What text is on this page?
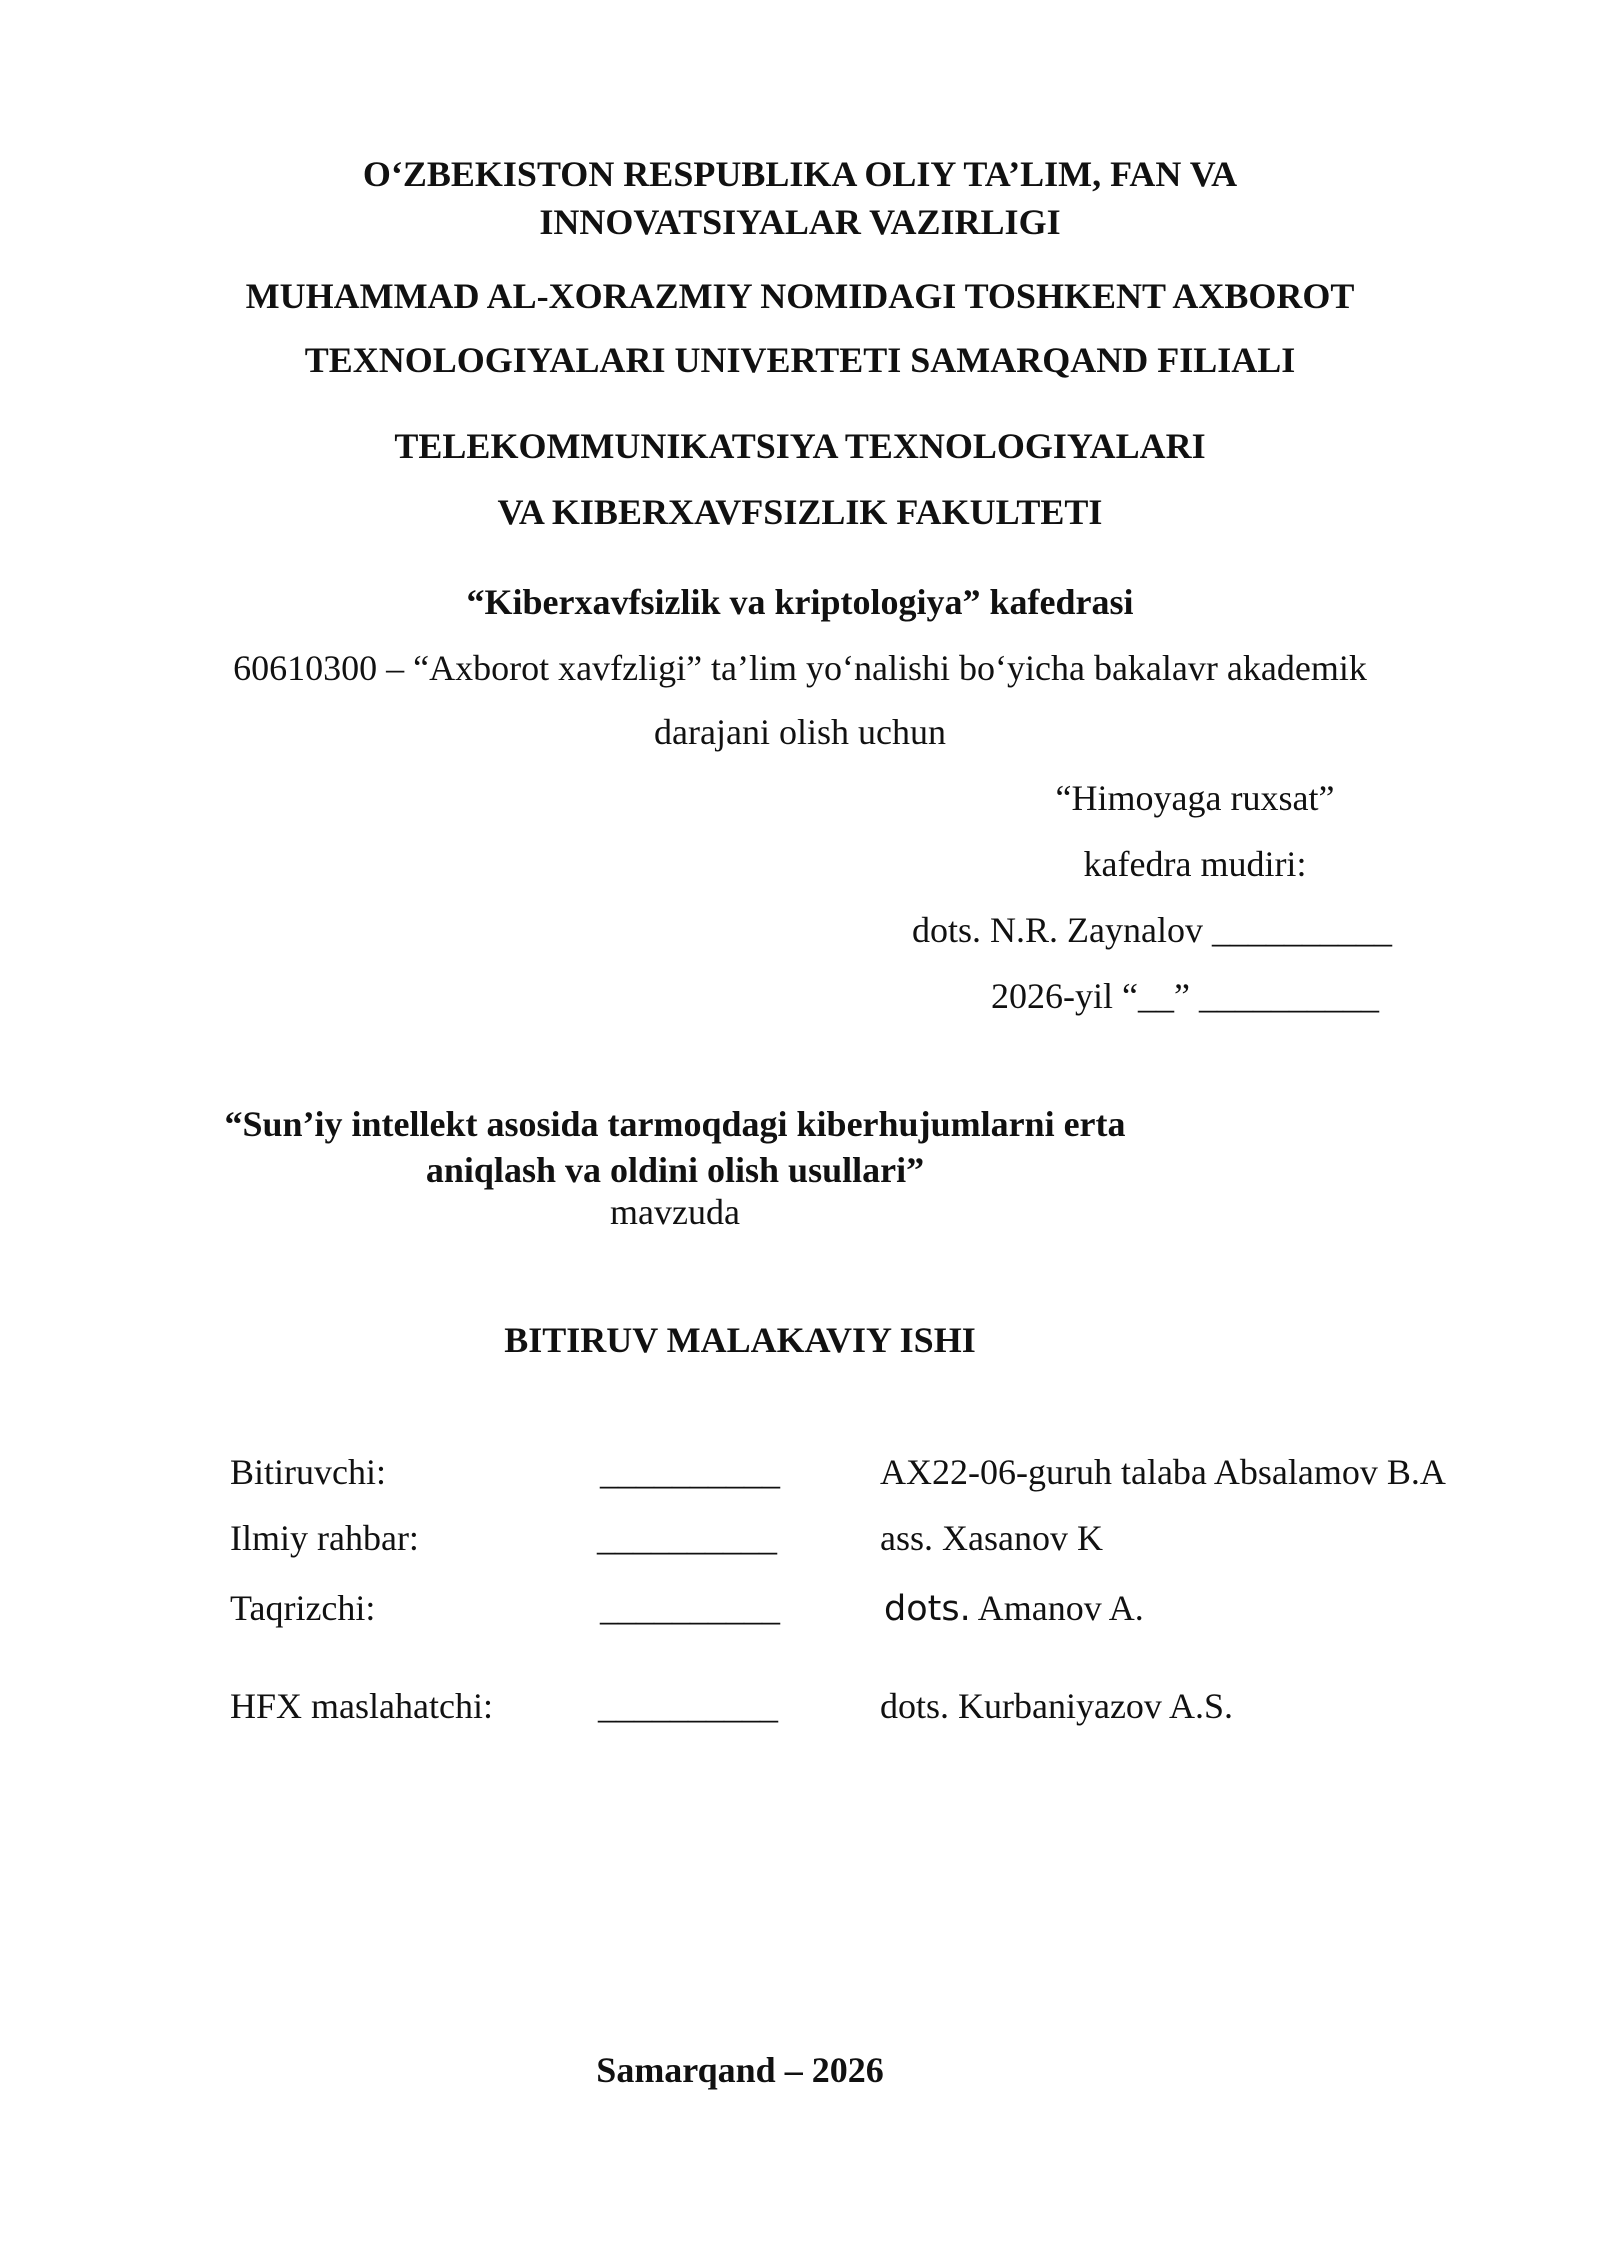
O‘ZBEKISTON RESPUBLIKA OLIY TA’LIM, FAN VA
INNOVATSIYALAR VAZIRLIGI
MUHAMMAD AL-XORAZMIY NOMIDAGI TOSHKENT AXBOROT
TEXNOLOGIYALARI UNIVERTETI SAMARQAND FILIALI
TELEKOMMUNIKATSIYA TEXNOLOGIYALARI
VA KIBERXAVFSIZLIK FAKULTETI
“Kiberxavfsizlik va kriptologiya” kafedrasi
60610300 – “Axborot xavfzligi” ta’lim yo‘nalishi bo‘yicha bakalavr akademik
darajani olish uchun
“Himoyaga ruxsat”
kafedra mudiri:
dots. N.R. Zaynalov __________
2026-yil “__” __________
“Sun’iy intellekt asosida tarmoqdagi kiberhujumlarni erta
aniqlash va oldini olish usullari”
mavzuda
BITIRUV MALAKAVIY ISHI
Bitiruvchi:	__________	AX22-06-guruh talaba Absalamov B.A
Ilmiy rahbar:	__________	ass. Xasanov K
Taqrizchi:	__________	dots. Amanov A.
HFX maslahatchi:	__________	dots. Kurbaniyazov A.S.
Samarqand – 2026
